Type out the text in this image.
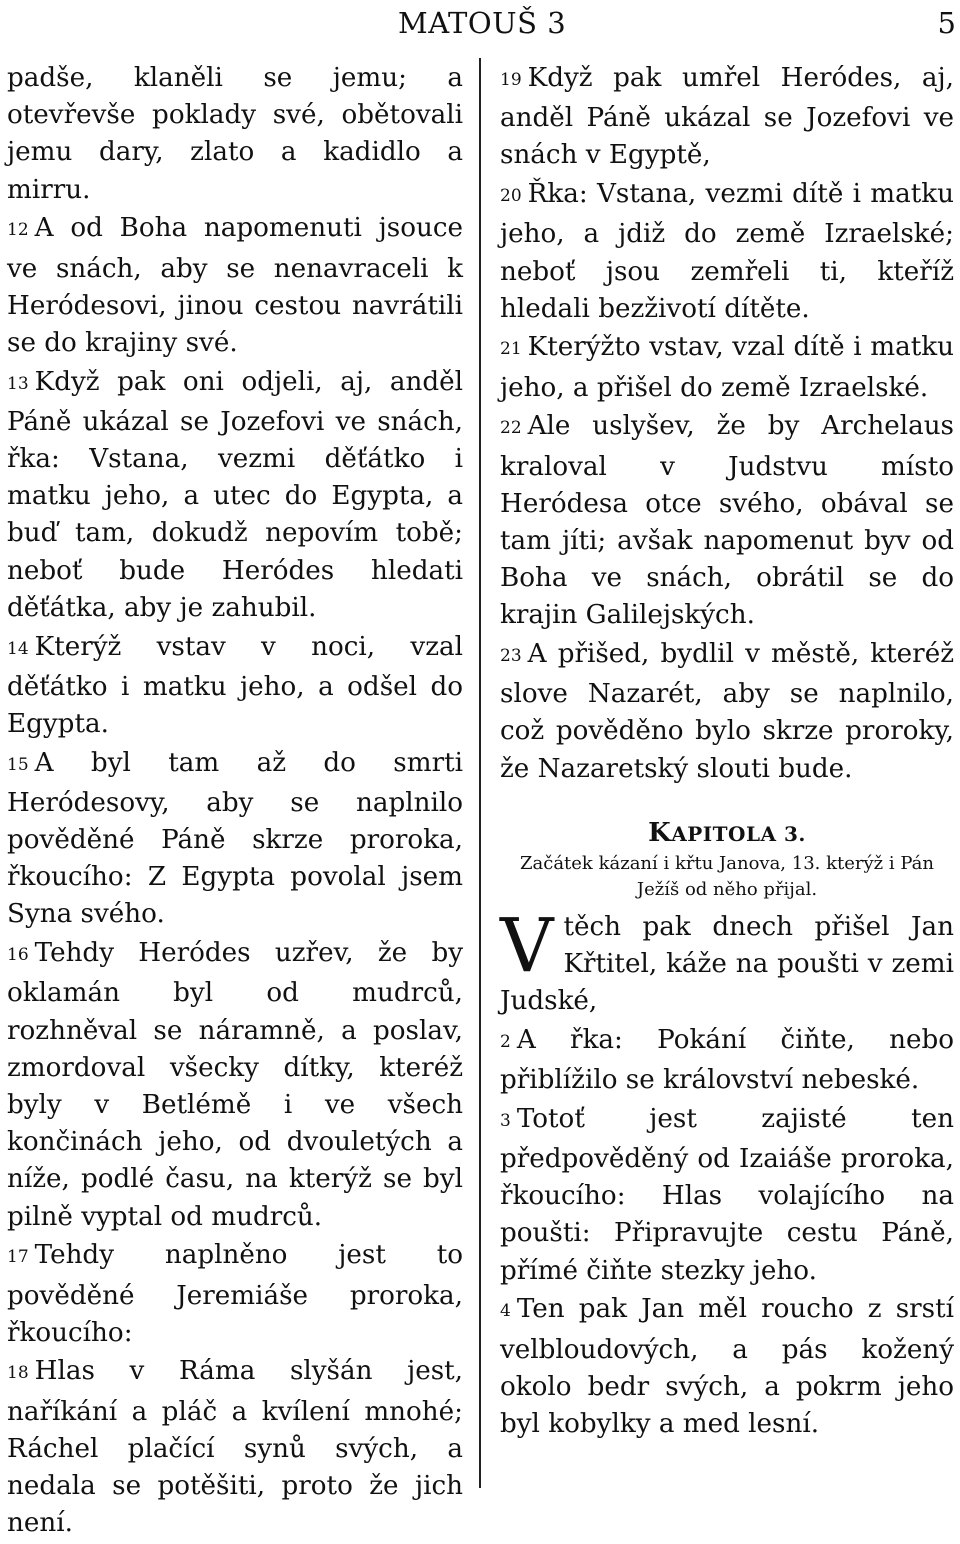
MATOUŠ 3	5

padše, klaněli se jemu; a otevřevše poklady své, obětovali jemu dary, zlato a kadidlo a mirru.

12 A od Boha napomenuti jsouce ve snách, aby se nenavraceli k Heródesovi, jinou cestou navrátili se do krajiny své.

13 Když pak oni odjeli, aj, anděl Páně ukázal se Jozefovi ve snách, řka: Vstana, vezmi děťátko i matku jeho, a utec do Egypta, a buď tam, dokudž nepovím tobě; neboť bude Heródes hledati děťátka, aby je zahubil.

14 Kterýž vstav v noci, vzal děťátko i matku jeho, a odšel do Egypta.

15 A byl tam až do smrti Heródesovy, aby se naplnilo pověděné Páně skrze proroka, řkoucího: Z Egypta povolal jsem Syna svého.

16 Tehdy Heródes uzřev, že by oklamán byl od mudrců, rozhněval se náramně, a poslav, zmordoval všecky dítky, kteréž byly v Betlémě i ve všech končinách jeho, od dvouletých a níže, podlé času, na kterýž se byl pilně vyptal od mudrců.

17 Tehdy naplněno jest to pověděné Jeremiáše proroka, řkoucího:

18 Hlas v Ráma slyšán jest, naříkání a pláč a kvílení mnohé; Ráchel plačící synů svých, a nedala se potěšiti, proto že jich není.

19 Když pak umřel Heródes, aj, anděl Páně ukázal se Jozefovi ve snách v Egyptě,

20 Řka: Vstana, vezmi dítě i matku jeho, a jdiž do země Izraelské; neboť jsou zemřeli ti, kteříž hledali bezživotí dítěte.

21 Kterýžto vstav, vzal dítě i matku jeho, a přišel do země Izraelské.

22 Ale uslyšev, že by Archelaus kraloval v Judstvu místo Heródesa otce svého, obával se tam jíti; avšak napomenut byv od Boha ve snách, obrátil se do krajin Galilejských.

23 A přišed, bydlil v městě, kteréž slove Nazarét, aby se naplnilo, což pověděno bylo skrze proroky, že Nazaretský slouti bude.

KAPITOLA 3.
Začátek kázaní i křtu Janova, 13. kterýž i Pán Ježíš od něho přijal.

Vtěch pak dnech přišel Jan Křtitel, káže na poušti v zemi Judské,

2 A řka: Pokání čiňte, nebo přiblížilo se království nebeské.

3 Totoť jest zajisté ten předpověděný od Izaiáše proroka, řkoucího: Hlas volajícího na poušti: Připravujte cestu Páně, přímé čiňte stezky jeho.

4 Ten pak Jan měl roucho z srstí velbloudových, a pás kožený okolo bedr svých, a pokrm jeho byl kobylky a med lesní.
